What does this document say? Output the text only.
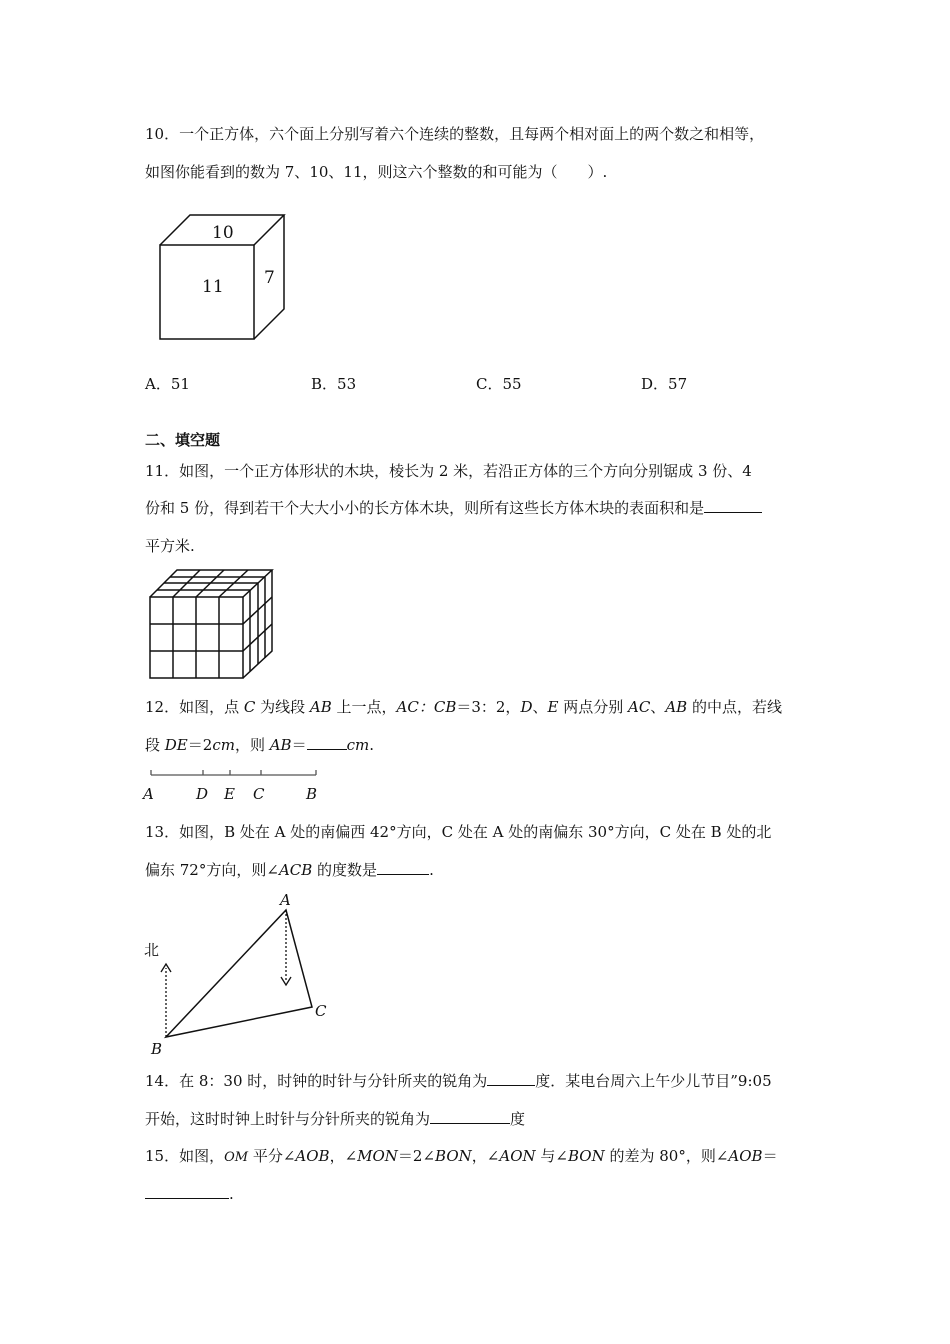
10．一个正方体，六个面上分别写着六个连续的整数，且每两个相对面上的两个数之和相等，
如图你能看到的数为 7、10、11，则这六个整数的和可能为（　　）.
10
11 7
A．51	B．53	C．55	D．57
二、填空题
11．如图，一个正方体形状的木块，棱长为 2 米，若沿正方体的三个方向分别锯成 3 份、4
份和 5 份，得到若干个大大小小的长方体木块，则所有这些长方体木块的表面积和是
平方米.
12．如图，点 C 为线段 AB 上一点，AC：CB＝3：2，D、E 两点分别 AC、AB 的中点，若线
段 DE＝2cm，则 AB＝	cm.
A	D E C	B
13．如图，B 处在 A 处的南偏西 42°方向，C 处在 A 处的南偏东 30°方向，C 处在 B 处的北
偏东 72°方向，则∠ACB 的度数是	.
北
A
B
C
14．在 8：30 时，时钟的时针与分针所夹的锐角为	度．某电台周六上午少儿节目”9:05
开始，这时时钟上时针与分针所夹的锐角为	度
15．如图，OM 平分∠AOB，∠MON＝2∠BON，∠AON 与∠BON 的差为 80°，则∠AOB＝
.
